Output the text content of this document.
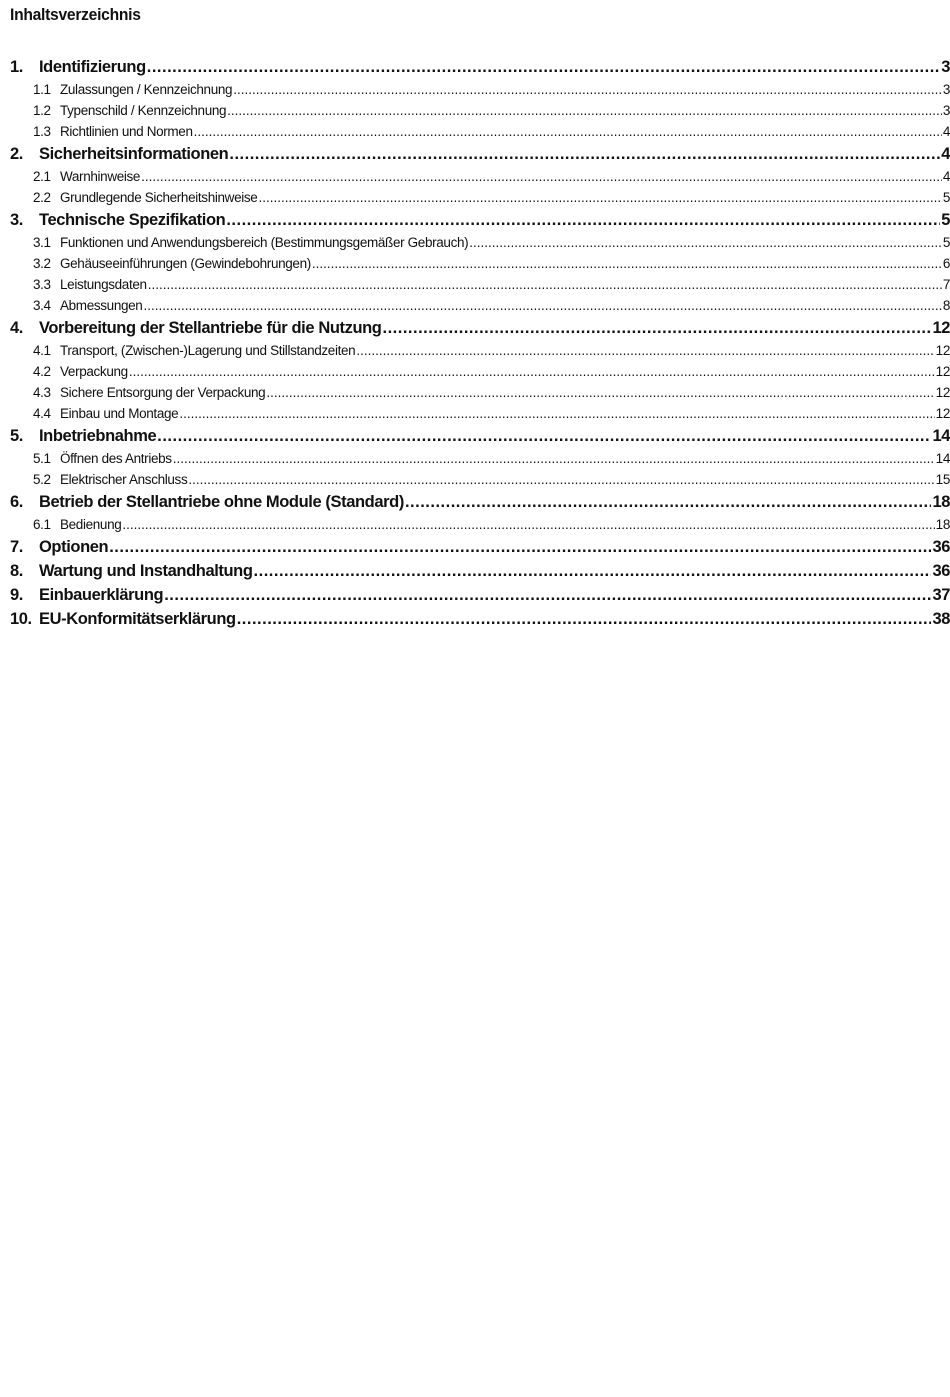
Inhaltsverzeichnis
1. Identifizierung .....	3
1.1 Zulassungen / Kennzeichnung .....	3
1.2 Typenschild / Kennzeichnung .....	3
1.3 Richtlinien und Normen .....	4
2. Sicherheitsinformationen .....	4
2.1 Warnhinweise .....	4
2.2 Grundlegende Sicherheitshinweise .....	5
3. Technische Spezifikation .....	5
3.1 Funktionen und Anwendungsbereich (Bestimmungsgemäßer Gebrauch) .....	5
3.2 Gehäuseeinführungen (Gewindebohrungen) .....	6
3.3 Leistungsdaten .....	7
3.4 Abmessungen .....	8
4. Vorbereitung der Stellantriebe für die Nutzung .....	12
4.1 Transport, (Zwischen-)Lagerung und Stillstandzeiten .....	12
4.2 Verpackung .....	12
4.3 Sichere Entsorgung der Verpackung .....	12
4.4 Einbau und Montage .....	12
5. Inbetriebnahme .....	14
5.1 Öffnen des Antriebs .....	14
5.2 Elektrischer Anschluss .....	15
6. Betrieb der Stellantriebe ohne Module (Standard) .....	18
6.1 Bedienung .....	18
7. Optionen .....	36
8. Wartung und Instandhaltung .....	36
9. Einbauerklärung .....	37
10. EU-Konformitätserklärung .....	38
